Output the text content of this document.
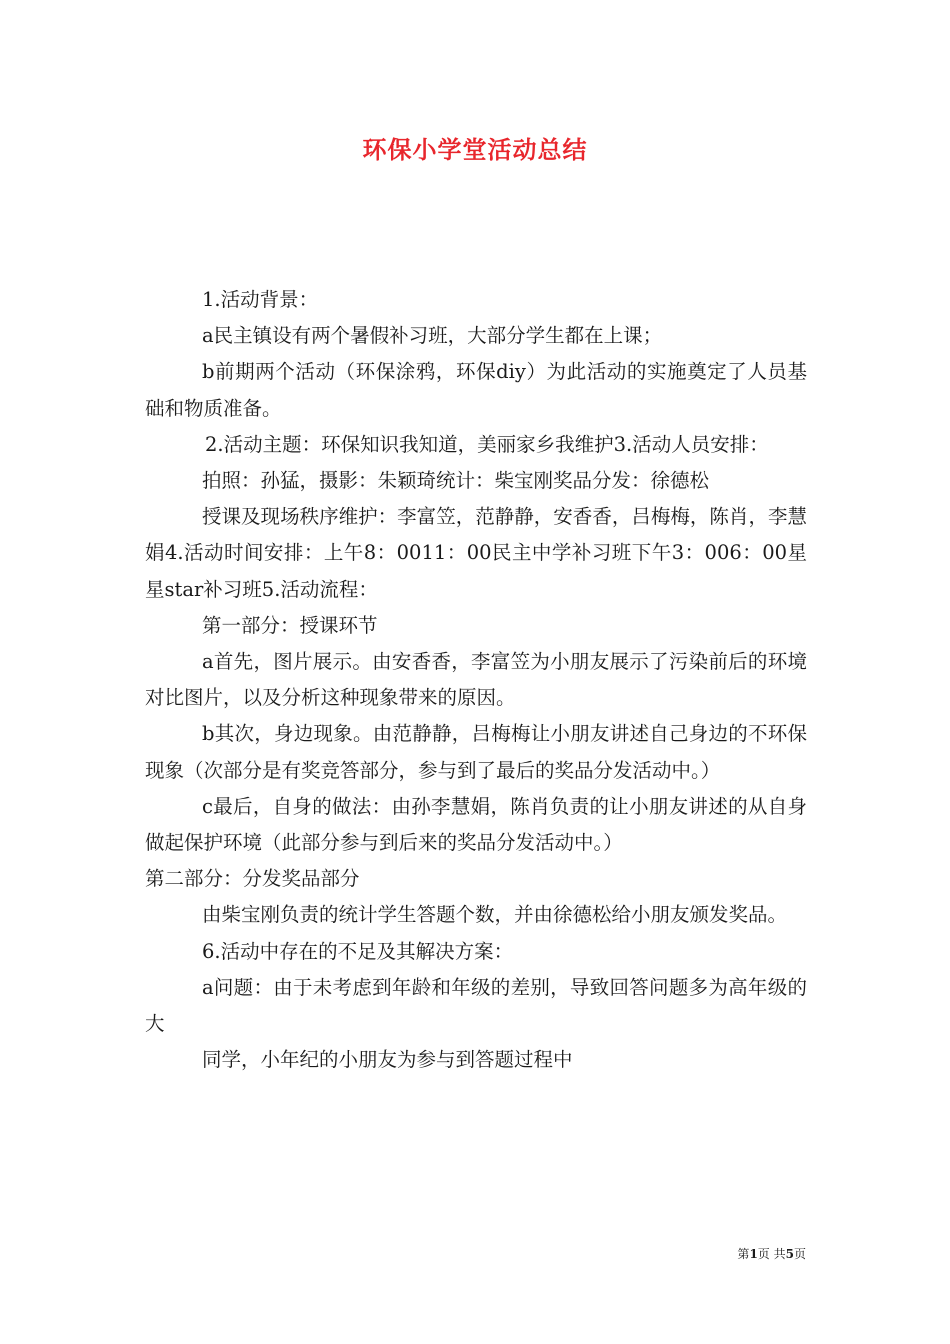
环保小学堂活动总结

1.活动背景：

a民主镇设有两个暑假补习班，大部分学生都在上课；

b前期两个活动（环保涂鸦，环保diy）为此活动的实施奠定了人员基础和物质准备。

2.活动主题：环保知识我知道，美丽家乡我维护3.活动人员安排：

拍照：孙猛，摄影：朱颖琦统计：柴宝刚奖品分发：徐德松

授课及现场秩序维护：李富笠，范静静，安香香，吕梅梅，陈肖，李慧娟4.活动时间安排：上午8：0011：00民主中学补习班下午3：006：00星星star补习班5.活动流程：

第一部分：授课环节

a首先，图片展示。由安香香，李富笠为小朋友展示了污染前后的环境对比图片，以及分析这种现象带来的原因。

b其次，身边现象。由范静静，吕梅梅让小朋友讲述自己身边的不环保现象（次部分是有奖竞答部分，参与到了最后的奖品分发活动中。）

c最后，自身的做法：由孙李慧娟，陈肖负责的让小朋友讲述的从自身做起保护环境（此部分参与到后来的奖品分发活动中。）

第二部分：分发奖品部分

由柴宝刚负责的统计学生答题个数，并由徐德松给小朋友颁发奖品。

6.活动中存在的不足及其解决方案：

a问题：由于未考虑到年龄和年级的差别，导致回答问题多为高年级的大

同学，小年纪的小朋友为参与到答题过程中

第1页 共5页
